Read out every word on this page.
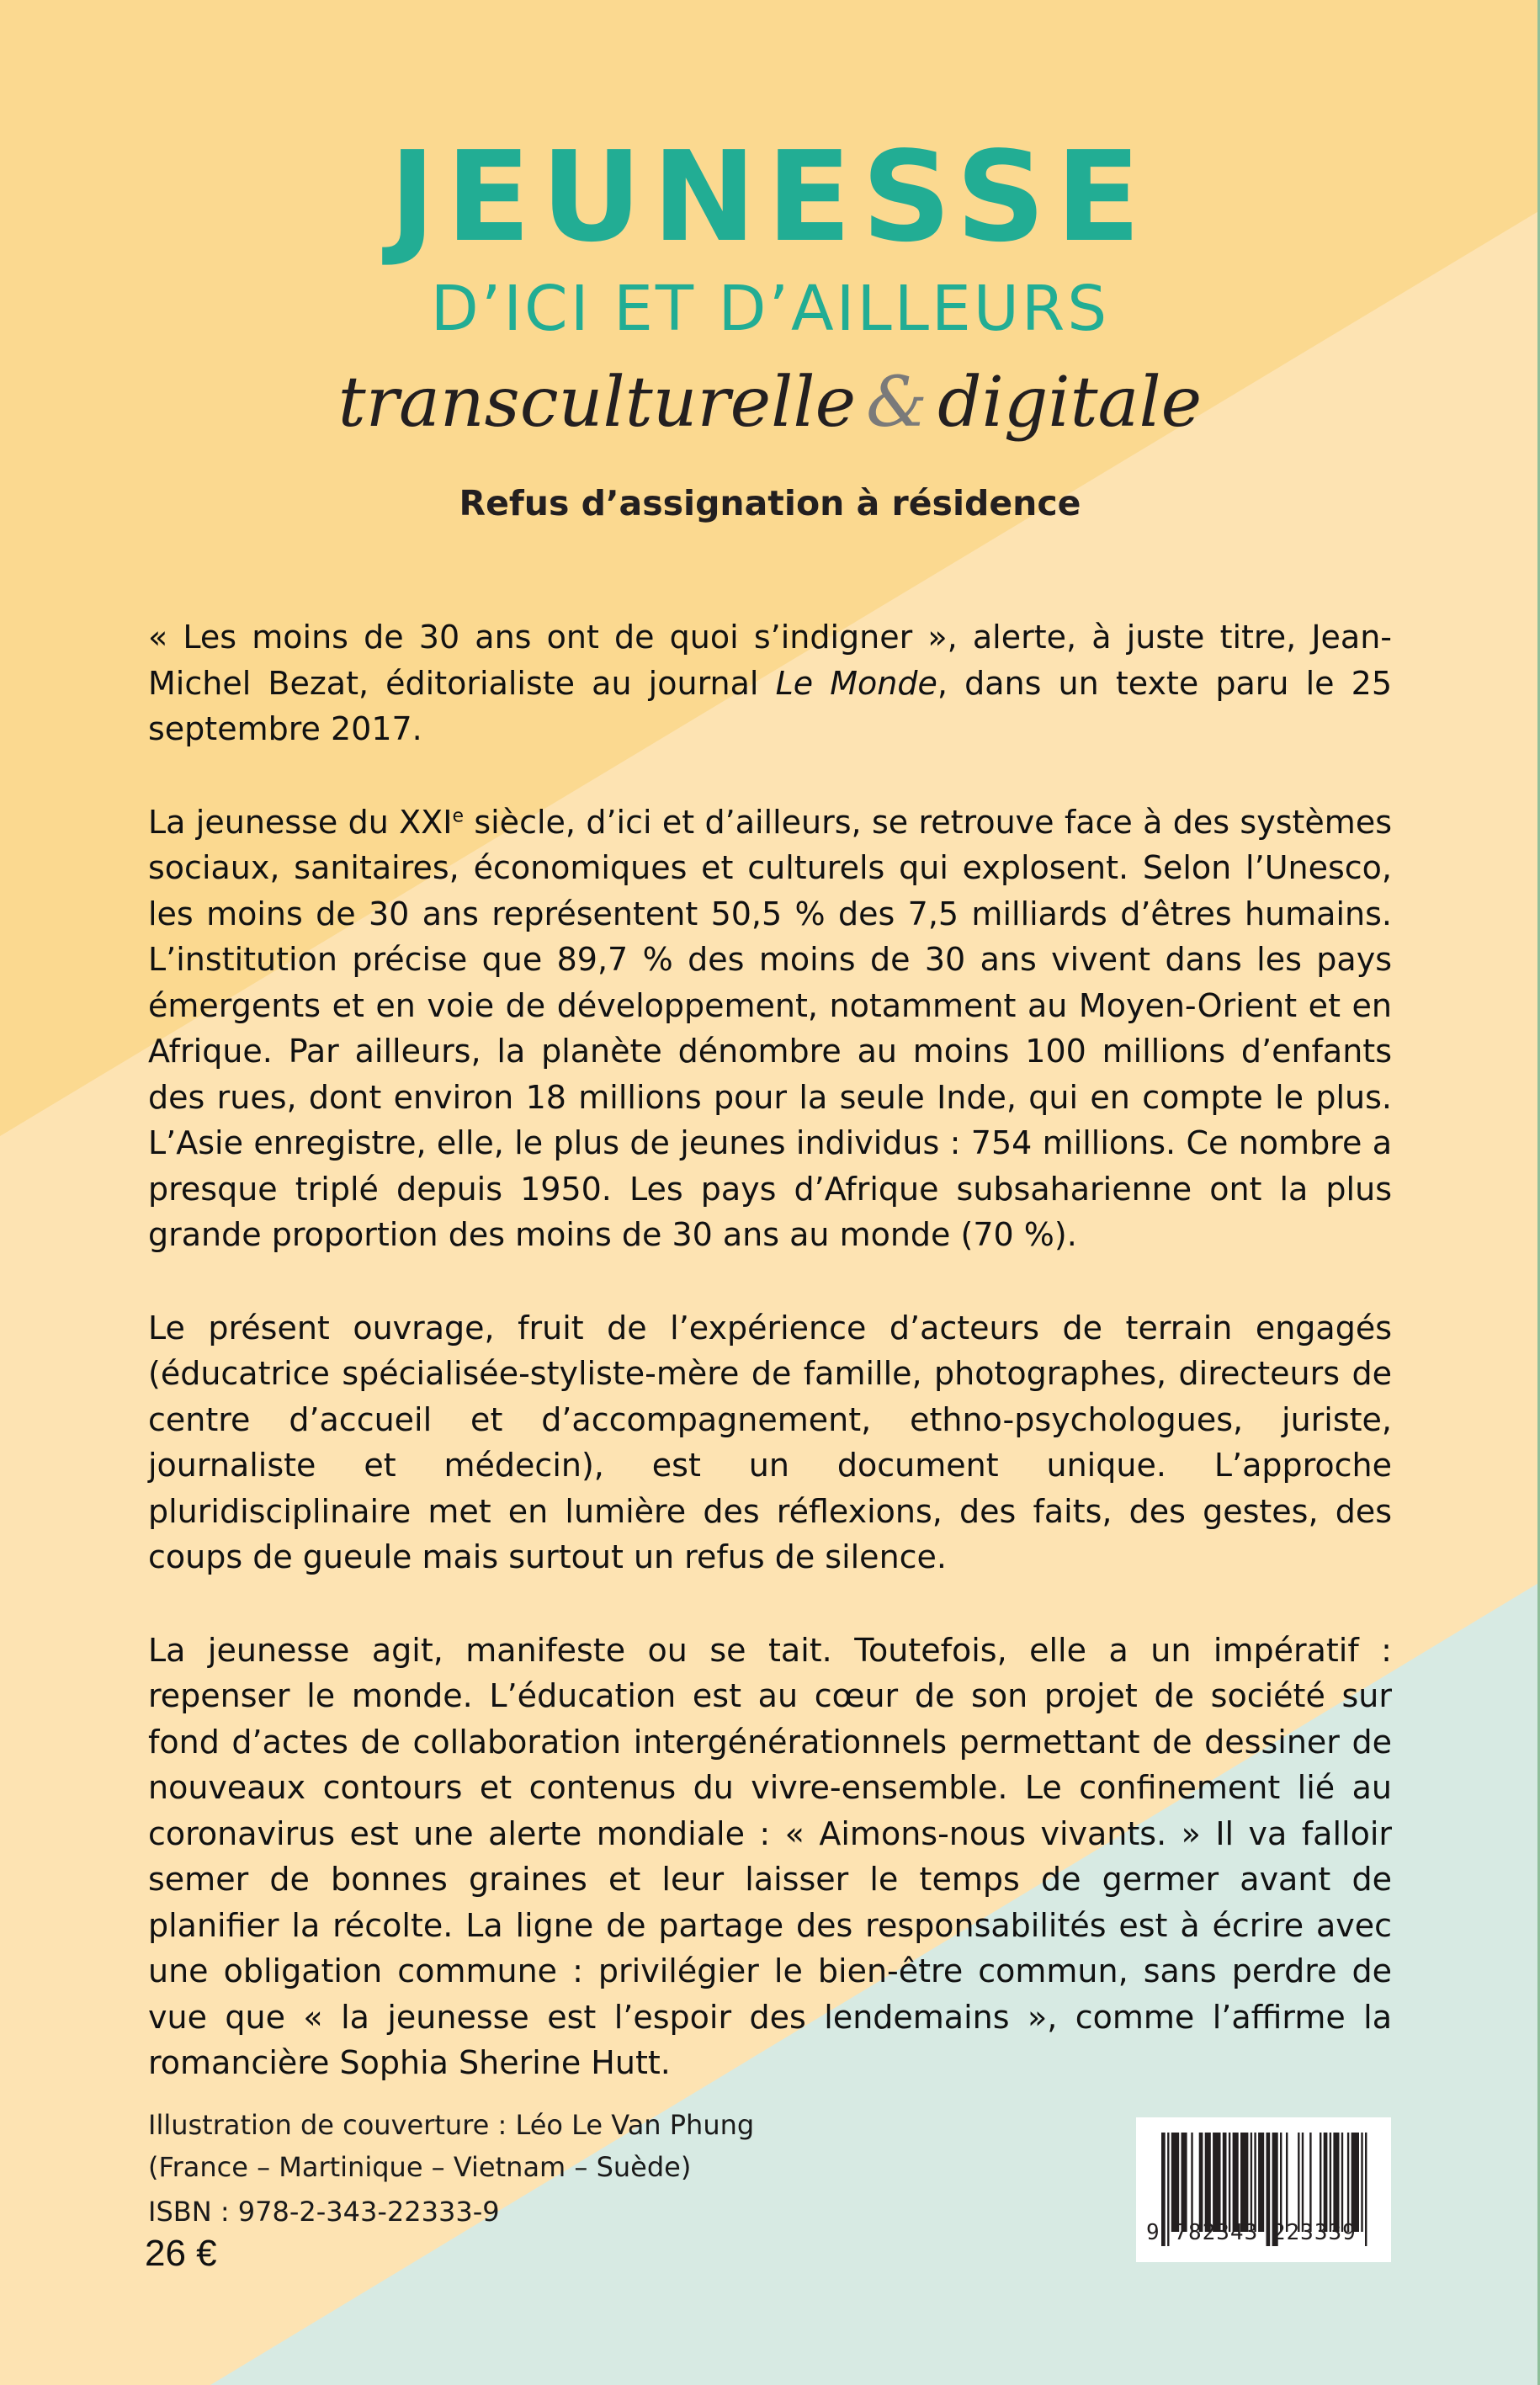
JEUNESSE
D’ICI ET D’AILLEURS
transculturelle & digitale
Refus d’assignation à résidence

« Les moins de 30 ans ont de quoi s’indigner », alerte, à juste titre, Jean-Michel Bezat, éditorialiste au journal Le Monde, dans un texte paru le 25 septembre 2017.

La jeunesse du XXIe siècle, d’ici et d’ailleurs, se retrouve face à des systèmes sociaux, sanitaires, économiques et culturels qui explosent. Selon l’Unesco, les moins de 30 ans représentent 50,5 % des 7,5 milliards d’êtres humains. L’institution précise que 89,7 % des moins de 30 ans vivent dans les pays émergents et en voie de développement, notamment au Moyen-Orient et en Afrique. Par ailleurs, la planète dénombre au moins 100 millions d’enfants des rues, dont environ 18 millions pour la seule Inde, qui en compte le plus. L’Asie enregistre, elle, le plus de jeunes individus : 754 millions. Ce nombre a presque triplé depuis 1950. Les pays d’Afrique subsaharienne ont la plus grande proportion des moins de 30 ans au monde (70 %).

Le présent ouvrage, fruit de l’expérience d’acteurs de terrain engagés (éducatrice spécialisée-styliste-mère de famille, photographes, directeurs de centre d’accueil et d’accompagnement, ethno-psychologues, juriste, journaliste et médecin), est un document unique. L’approche pluridisciplinaire met en lumière des réflexions, des faits, des gestes, des coups de gueule mais surtout un refus de silence.

La jeunesse agit, manifeste ou se tait. Toutefois, elle a un impératif : repenser le monde. L’éducation est au cœur de son projet de société sur fond d’actes de collaboration intergénérationnels permettant de dessiner de nouveaux contours et contenus du vivre-ensemble. Le confinement lié au coronavirus est une alerte mondiale : « Aimons-nous vivants. » Il va falloir semer de bonnes graines et leur laisser le temps de germer avant de planifier la récolte. La ligne de partage des responsabilités est à écrire avec une obligation commune : privilégier le bien-être commun, sans perdre de vue que « la jeunesse est l’espoir des lendemains », comme l’affirme la romancière Sophia Sherine Hutt.

Illustration de couverture : Léo Le Van Phung
(France – Martinique – Vietnam – Suède)
ISBN : 978-2-343-22333-9
26 €	9 782343 223339
